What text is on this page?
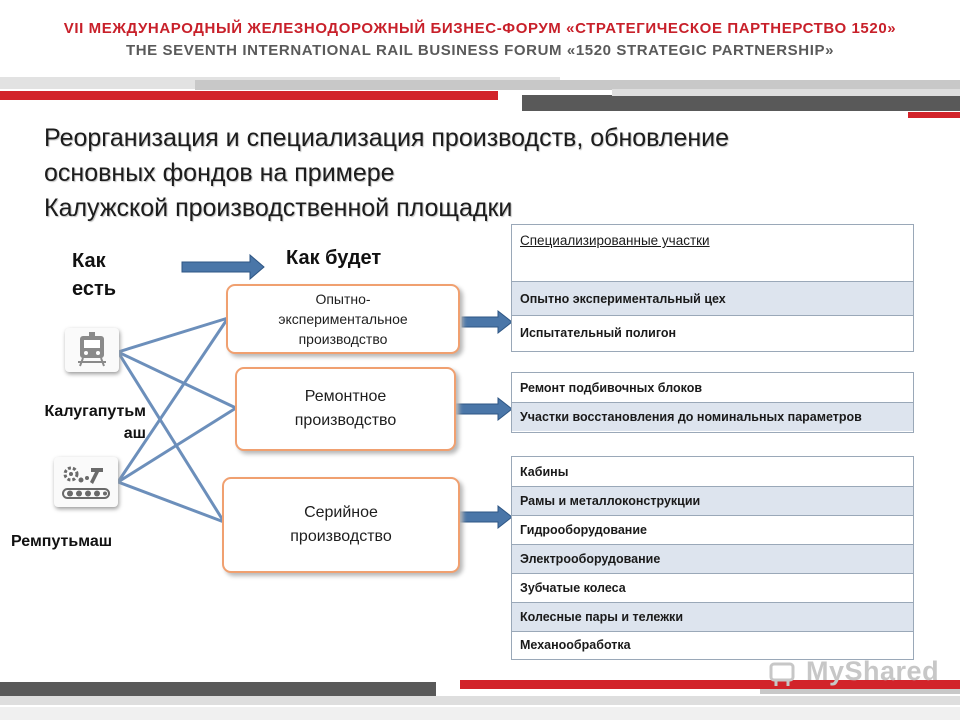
VII МЕЖДУНАРОДНЫЙ ЖЕЛЕЗНОДОРОЖНЫЙ БИЗНЕС-ФОРУМ «СТРАТЕГИЧЕСКОЕ ПАРТНЕРСТВО 1520»
THE SEVENTH INTERNATIONAL RAIL BUSINESS FORUM «1520 STRATEGIC PARTNERSHIP»
Реорганизация и специализация производств, обновление
основных фондов на примере
Калужской производственной площадки
Как
есть
Как будет
Опытно-экспериментальное производство
Ремонтное производство
Серийное производство
Калугапутьм
аш
Ремпутьмаш
Специализированные участки
Опытно экспериментальный цех
Испытательный полигон
Ремонт подбивочных блоков
Участки восстановления до номинальных параметров
Кабины
Рамы и металлоконструкции
Гидрооборудование
Электрооборудование
Зубчатые колеса
Колесные пары и тележки
Механообработка
MyShared
